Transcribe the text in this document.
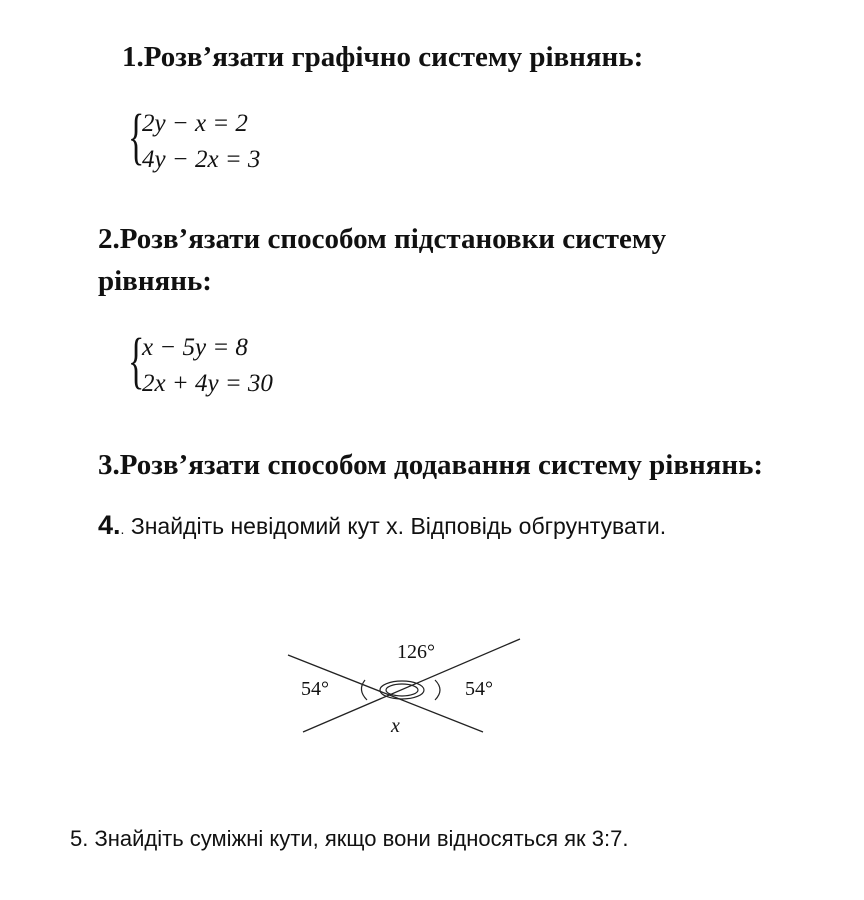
1.Розв’язати графічно систему рівнянь:
{
2y − x = 2
4y − 2x = 3
2.Розв’язати способом підстановки систему
рівнянь:
{
x − 5y = 8
2x + 4y = 30
3.Розв’язати способом додавання систему рівнянь:
4.. Знайдіть невідомий кут x. Відповідь обгрунтувати.
126°
54°	54°
x
5. Знайдіть суміжні кути, якщо вони відносяться як 3:7.
